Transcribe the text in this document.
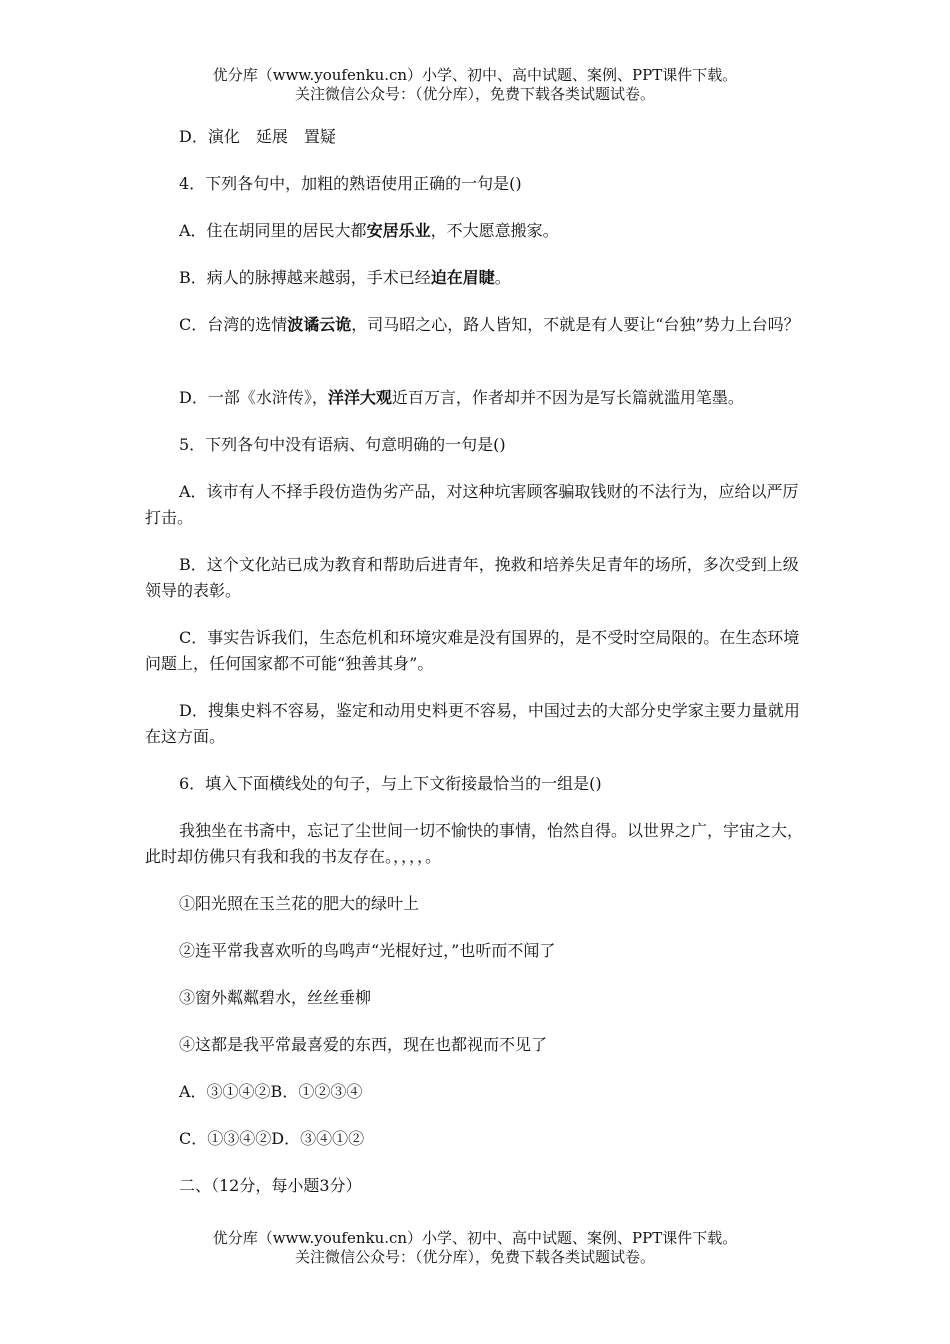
优分库（www.youfenku.cn）小学、初中、高中试题、案例、PPT课件下载。
关注微信公众号：（优分库），免费下载各类试题试卷。

D．演化　延展　置疑

4．下列各句中，加粗的熟语使用正确的一句是()

A．住在胡同里的居民大都安居乐业，不大愿意搬家。

B．病人的脉搏越来越弱，手术已经迫在眉睫。

C．台湾的选情波谲云诡，司马昭之心，路人皆知，不就是有人要让“台独”势力上台吗？

D．一部《水浒传》，洋洋大观近百万言，作者却并不因为是写长篇就滥用笔墨。

5．下列各句中没有语病、句意明确的一句是()

A．该市有人不择手段仿造伪劣产品，对这种坑害顾客骗取钱财的不法行为，应给以严厉打击。

B．这个文化站已成为教育和帮助后进青年，挽救和培养失足青年的场所，多次受到上级领导的表彰。

C．事实告诉我们，生态危机和环境灾难是没有国界的，是不受时空局限的。在生态环境问题上，任何国家都不可能“独善其身”。

D．搜集史料不容易，鉴定和动用史料更不容易，中国过去的大部分史学家主要力量就用在这方面。

6．填入下面横线处的句子，与上下文衔接最恰当的一组是()

我独坐在书斋中，忘记了尘世间一切不愉快的事情，怡然自得。以世界之广，宇宙之大，此时却仿佛只有我和我的书友存在。，，，，。

①阳光照在玉兰花的肥大的绿叶上

②连平常我喜欢听的鸟鸣声“光棍好过，”也听而不闻了

③窗外粼粼碧水，丝丝垂柳

④这都是我平常最喜爱的东西，现在也都视而不见了

A．③①④②B．①②③④

C．①③④②D．③④①②

二、（12分，每小题3分）

优分库（www.youfenku.cn）小学、初中、高中试题、案例、PPT课件下载。
关注微信公众号：（优分库），免费下载各类试题试卷。
